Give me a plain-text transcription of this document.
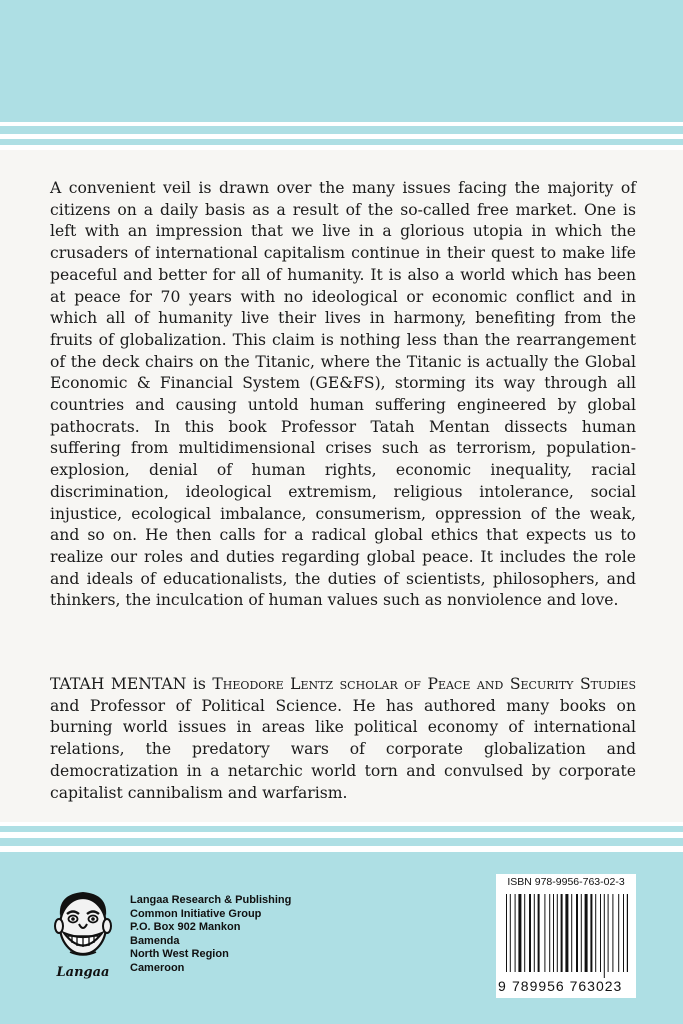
A convenient veil is drawn over the many issues facing the majority of citizens on a daily basis as a result of the so-called free market. One is left with an impression that we live in a glorious utopia in which the crusaders of international capitalism continue in their quest to make life peaceful and better for all of humanity. It is also a world which has been at peace for 70 years with no ideological or economic conflict and in which all of humanity live their lives in harmony, benefiting from the fruits of globalization. This claim is nothing less than the rearrangement of the deck chairs on the Titanic, where the Titanic is actually the Global Economic & Financial System (GE&FS), storming its way through all countries and causing untold human suffering engineered by global pathocrats. In this book Professor Tatah Mentan dissects human suffering from multidimensional crises such as terrorism, population-explosion, denial of human rights, economic inequality, racial discrimination, ideological extremism, religious intolerance, social injustice, ecological imbalance, consumerism, oppression of the weak, and so on. He then calls for a radical global ethics that expects us to realize our roles and duties regarding global peace. It includes the role and ideals of educationalists, the duties of scientists, philosophers, and thinkers, the inculcation of human values such as nonviolence and love.

TATAH MENTAN is Theodore Lentz scholar of Peace and Security Studies and Professor of Political Science. He has authored many books on burning world issues in areas like political economy of international relations, the predatory wars of corporate globalization and democratization in a netarchic world torn and convulsed by corporate capitalist cannibalism and warfarism.

Langaa
Langaa Research & Publishing
Common Initiative Group
P.O. Box 902 Mankon
Bamenda
North West Region
Cameroon
ISBN 978-9956-763-02-3
9 789956 763023
